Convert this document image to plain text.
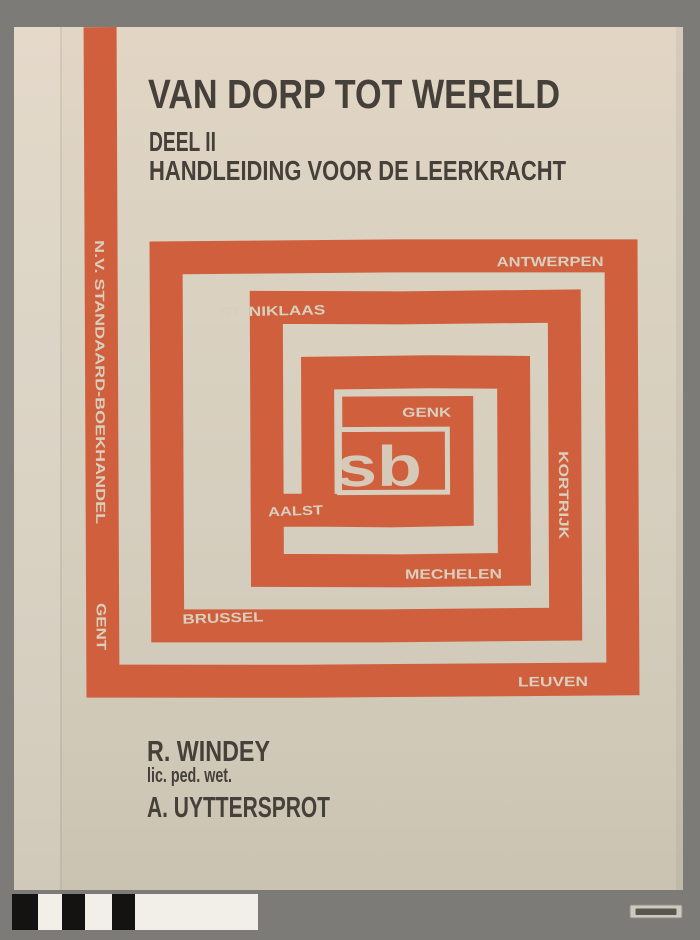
VAN DORP TOT WERELD
DEEL II
HANDLEIDING VOOR DE LEERKRACHT
sb
ANTWERPEN
ST. NIKLAAS
GENK
AALST
MECHELEN
BRUSSEL
LEUVEN
KORTRIJK
N.V. STANDAARD-BOEKHANDEL
GENT
R. WINDEY
lic. ped. wet.
A. UYTTERSPROT
